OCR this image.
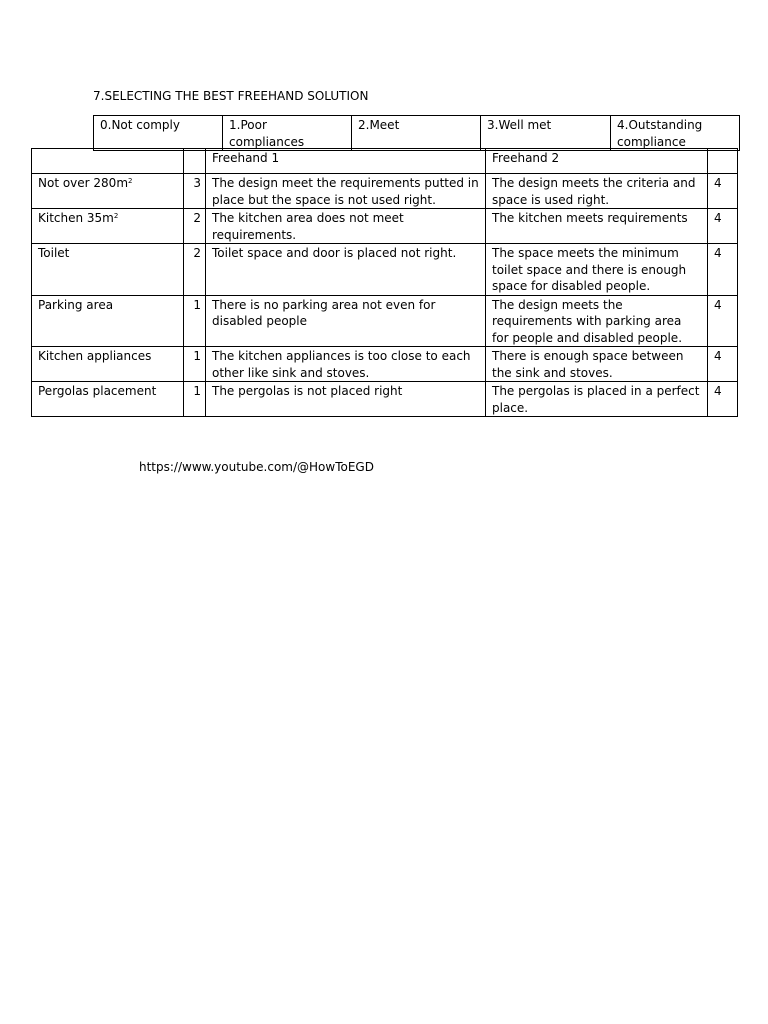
7.SELECTING THE BEST FREEHAND SOLUTION
0.Not comply	1.Poor compliances	2.Meet	3.Well met	4.Outstanding compliance
		Freehand 1	Freehand 2	
Not over $280m^2$	3	The design meet the requirements putted in place but the space is not used right.	The design meets the criteria and space is used right.	4
Kitchen $35m^2$	2	The kitchen area does not meet requirements.	The kitchen meets requirements	4
Toilet	2	Toilet space and door is placed not right.	The space meets the minimum toilet space and there is enough space for disabled people.	4
Parking area	1	There is no parking area not even for disabled people	The design meets the requirements with parking area for people and disabled people.	4
Kitchen appliances	1	The kitchen appliances is too close to each other like sink and stoves.	There is enough space between the sink and stoves.	4
Pergolas placement	1	The pergolas is not placed right	The pergolas is placed in a perfect place.	4
https://www.youtube.com/@HowToEGD
